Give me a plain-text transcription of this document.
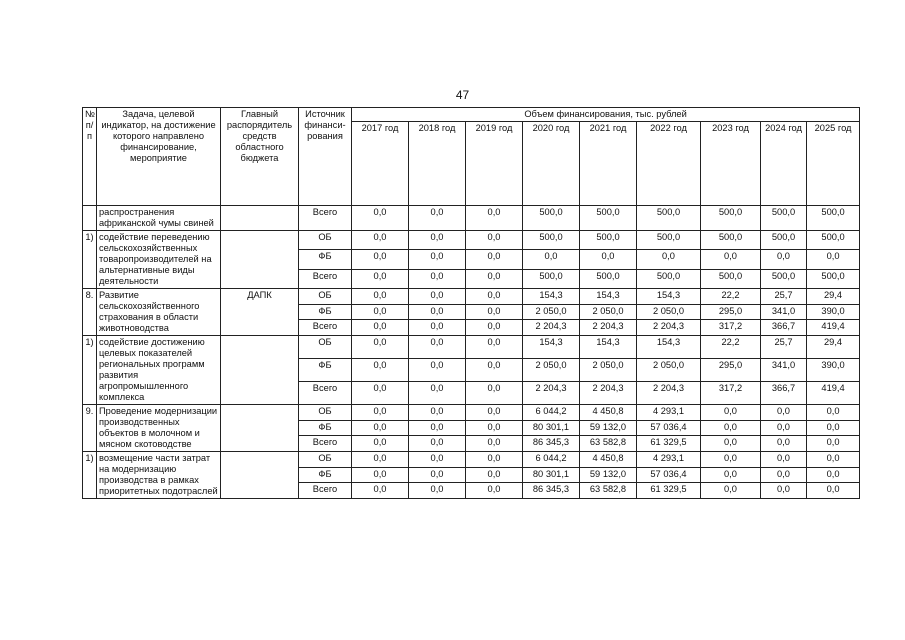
47
№ п/п	Задача, целевой индикатор, на достижение которого направлено финансирование, мероприятие	Главный распорядитель средств областного бюджета	Источник финанси-рования	Объем финансирования, тыс. рублей								
				2017 год	2018 год	2019 год	2020 год	2021 год	2022 год	2023 год	2024 год	2025 год
	распространения африканской чумы свиней		Всего	0,0	0,0	0,0	500,0	500,0	500,0	500,0	500,0	500,0
1)	содействие переведению сельскохозяйственных товаропроизводителей на альтернативные виды деятельности		ОБ	0,0	0,0	0,0	500,0	500,0	500,0	500,0	500,0	500,0
			ФБ	0,0	0,0	0,0	0,0	0,0	0,0	0,0	0,0	0,0
			Всего	0,0	0,0	0,0	500,0	500,0	500,0	500,0	500,0	500,0
8.	Развитие сельскохозяйственного страхования в области животноводства	ДАПК	ОБ	0,0	0,0	0,0	154,3	154,3	154,3	22,2	25,7	29,4
			ФБ	0,0	0,0	0,0	2 050,0	2 050,0	2 050,0	295,0	341,0	390,0
			Всего	0,0	0,0	0,0	2 204,3	2 204,3	2 204,3	317,2	366,7	419,4
1)	содействие достижению целевых показателей региональных программ развития агропромышленного комплекса		ОБ	0,0	0,0	0,0	154,3	154,3	154,3	22,2	25,7	29,4
			ФБ	0,0	0,0	0,0	2 050,0	2 050,0	2 050,0	295,0	341,0	390,0
			Всего	0,0	0,0	0,0	2 204,3	2 204,3	2 204,3	317,2	366,7	419,4
9.	Проведение модернизации производственных объектов в молочном и мясном скотоводстве		ОБ	0,0	0,0	0,0	6 044,2	4 450,8	4 293,1	0,0	0,0	0,0
			ФБ	0,0	0,0	0,0	80 301,1	59 132,0	57 036,4	0,0	0,0	0,0
			Всего	0,0	0,0	0,0	86 345,3	63 582,8	61 329,5	0,0	0,0	0,0
1)	возмещение части затрат на модернизацию производства в рамках приоритетных подотраслей		ОБ	0,0	0,0	0,0	6 044,2	4 450,8	4 293,1	0,0	0,0	0,0
			ФБ	0,0	0,0	0,0	80 301,1	59 132,0	57 036,4	0,0	0,0	0,0
			Всего	0,0	0,0	0,0	86 345,3	63 582,8	61 329,5	0,0	0,0	0,0
